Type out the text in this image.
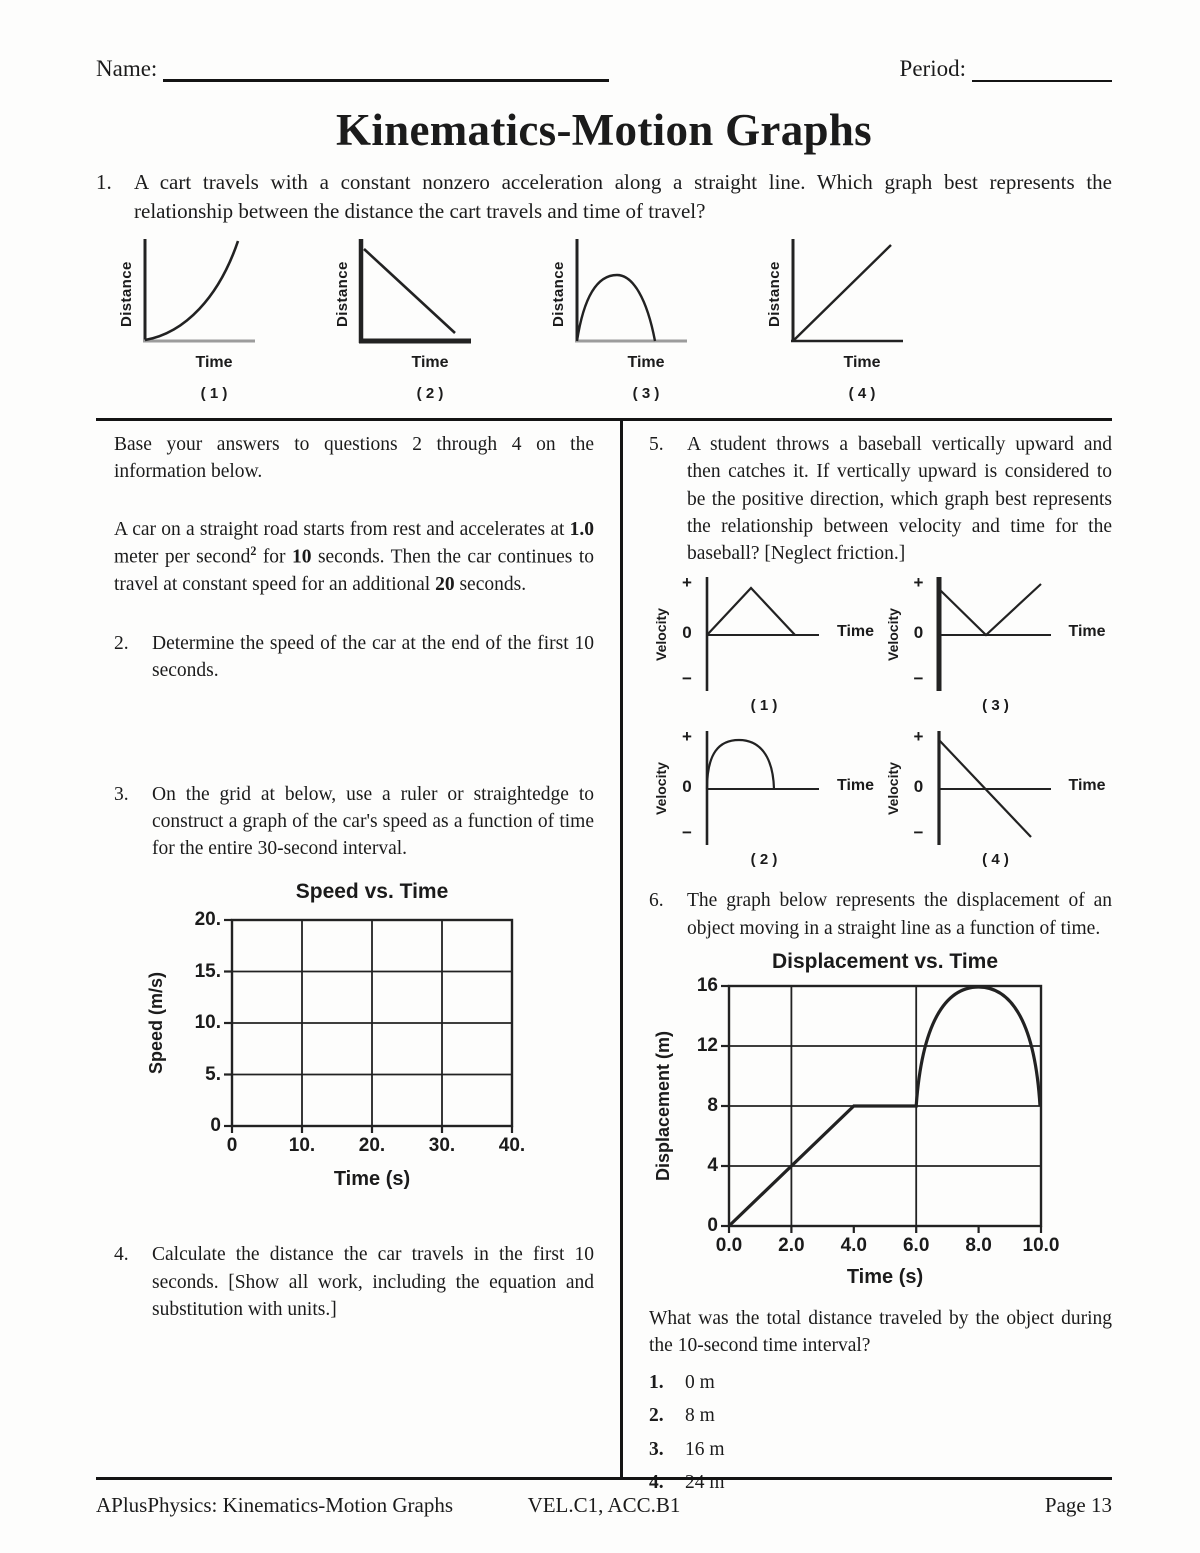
Name:	Period:
Kinematics-Motion Graphs
1.	A cart travels with a constant nonzero acceleration along a straight line. Which graph best represents the relationship between the distance the cart travels and time of travel?

Distance
Time
( 1 )
Distance
Time
( 2 )
Distance
Time
( 3 )
Distance
Time
( 4 )

Base your answers to questions 2 through 4 on the information below.

A car on a straight road starts from rest and accelerates at 1.0 meter per second$^2$ for 10 seconds. Then the car continues to travel at constant speed for an additional 20 seconds.

2.	Determine the speed of the car at the end of the first 10 seconds.

3.	On the grid at below, use a ruler or straightedge to construct a graph of the car's speed as a function of time for the entire 30-second interval.

Speed vs. Time
Speed (m/s)
20.
15.
10.
5.
0
0	10. 20. 30. 40.
Time (s)
4.	Calculate the distance the car travels in the first 10 seconds. [Show all work, including the equation and substitution with units.]

5.	A student throws a baseball vertically upward and then catches it. If vertically upward is considered to be the positive direction, which graph best represents the relationship between velocity and time for the baseball? [Neglect friction.]

Velocity
+
0
−
Time
( 1 )
Velocity
+
0
−
Time
( 3 )
Velocity
+
0
−
Time
( 2 )
Velocity
+
0
−
Time
( 4 )
6.	The graph below represents the displacement of an object moving in a straight line as a function of time.

Displacement vs. Time
Displacement (m)
16
12
8
4
0
0.0 2.0 4.0 6.0 8.0 10.0
Time (s)

What was the total distance traveled by the object during the 10-second time interval?

1.	0 m
2.	8 m
3.	16 m
4.	24 m
APlusPhysics: Kinematics-Motion Graphs	VEL.C1, ACC.B1	Page 13
